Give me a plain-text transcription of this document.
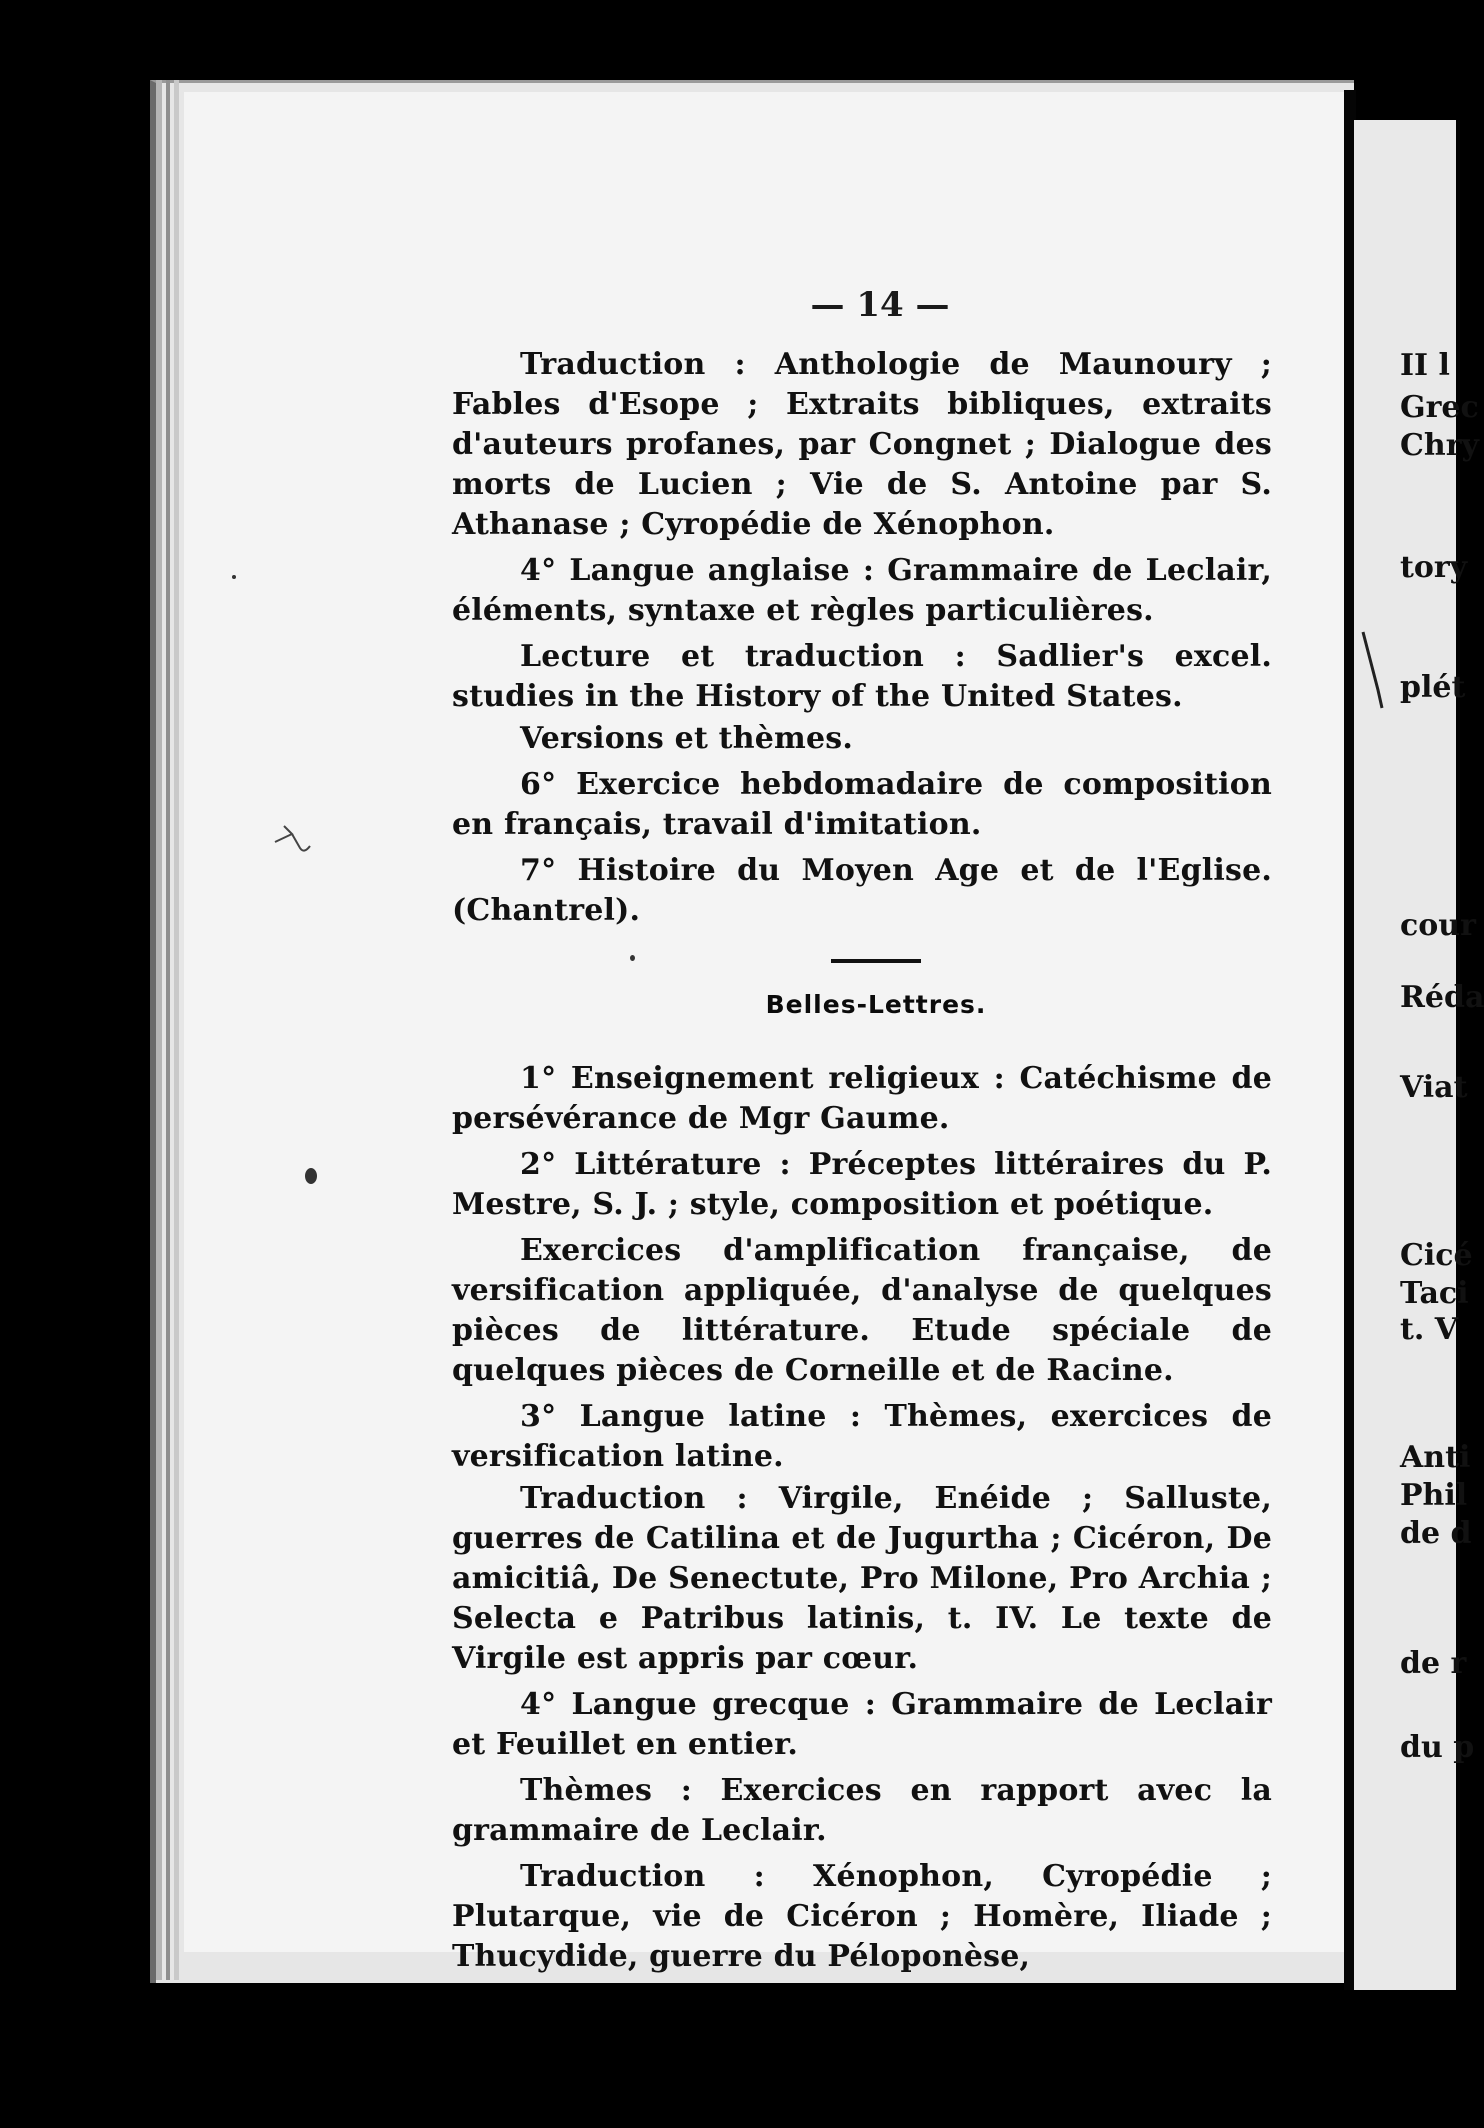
— 14 —

Traduction : Anthologie de Maunoury ; Fables d'Esope ; Extraits bibliques, extraits d'auteurs profanes, par Congnet ; Dialogue des morts de Lucien ; Vie de S. Antoine par S. Athanase ; Cyropédie de Xénophon.

4° Langue anglaise : Grammaire de Leclair, éléments, syntaxe et règles particulières.

Lecture et traduction : Sadlier's excel. studies in the History of the United States.

Versions et thèmes.

6° Exercice hebdomadaire de composition en français, travail d'imitation.

7° Histoire du Moyen Age et de l'Eglise. (Chantrel).

Belles-Lettres.

1° Enseignement religieux : Catéchisme de persévérance de Mgr Gaume.

2° Littérature : Préceptes littéraires du P. Mestre, S. J. ; style, composition et poétique.

Exercices d'amplification française, de versification appliquée, d'analyse de quelques pièces de littérature. Etude spéciale de quelques pièces de Corneille et de Racine.

3° Langue latine : Thèmes, exercices de versification latine.

Traduction : Virgile, Enéide ; Salluste, guerres de Catilina et de Jugurtha ; Cicéron, De amicitiâ, De Senectute, Pro Milone, Pro Archia ; Selecta e Patribus latinis, t. IV. Le texte de Virgile est appris par cœur.

4° Langue grecque : Grammaire de Leclair et Feuillet en entier.

Thèmes : Exercices en rapport avec la grammaire de Leclair.

Traduction : Xénophon, Cyropédie ; Plutarque, vie de Cicéron ; Homère, Iliade ; Thucydide, guerre du Péloponèse,

II l
Grec
Chry
tory
plét
cour
Réda
Viat
Cicé
Taci
t. V
Anti
Phil
de d
de r
du p
